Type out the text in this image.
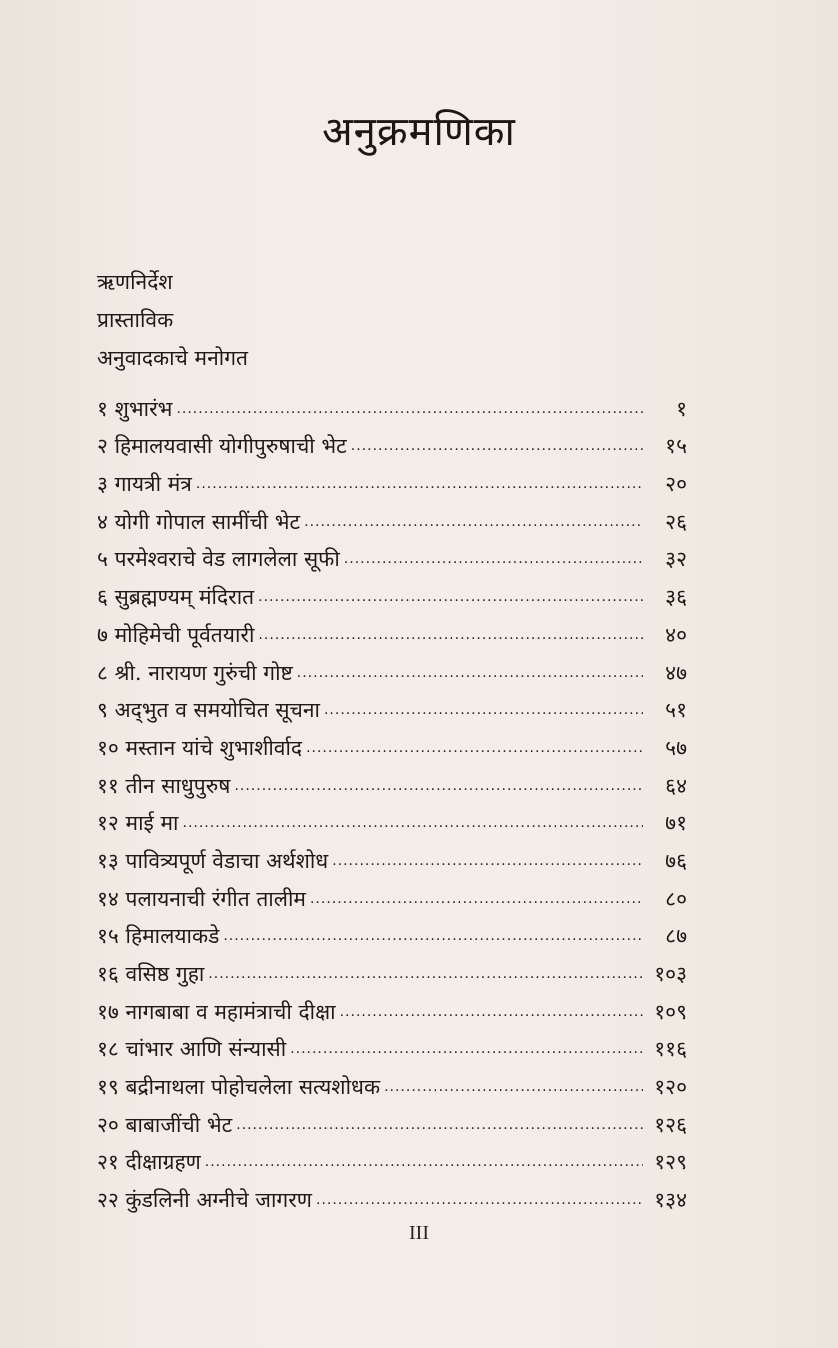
अनुक्रमणिका
ऋणनिर्देश
प्रास्ताविक
अनुवादकाचे मनोगत
१ शुभारंभ .....	१
२ हिमालयवासी योगीपुरुषाची भेट .....	१५
३ गायत्री मंत्र .....	२०
४ योगी गोपाल सामींची भेट .....	२६
५ परमेश्वराचे वेड लागलेला सूफी .....	३२
६ सुब्रह्मण्यम् मंदिरात .....	३६
७ मोहिमेची पूर्वतयारी .....	४०
८ श्री. नारायण गुरुंची गोष्ट .....	४७
९ अद्‌भुत व समयोचित सूचना .....	५१
१० मस्तान यांचे शुभाशीर्वाद .....	५७
११ तीन साधुपुरुष .....	६४
१२ माई मा .....	७१
१३ पावित्र्यपूर्ण वेडाचा अर्थशोध .....	७६
१४ पलायनाची रंगीत तालीम .....	८०
१५ हिमालयाकडे .....	८७
१६ वसिष्ठ गुहा .....	१०३
१७ नागबाबा व महामंत्राची दीक्षा .....	१०९
१८ चांभार आणि संन्यासी .....	११६
१९ बद्रीनाथला पोहोचलेला सत्यशोधक .....	१२०
२० बाबाजींची भेट .....	१२६
२१ दीक्षाग्रहण .....	१२९
२२ कुंडलिनी अग्नीचे जागरण .....	१३४
III
